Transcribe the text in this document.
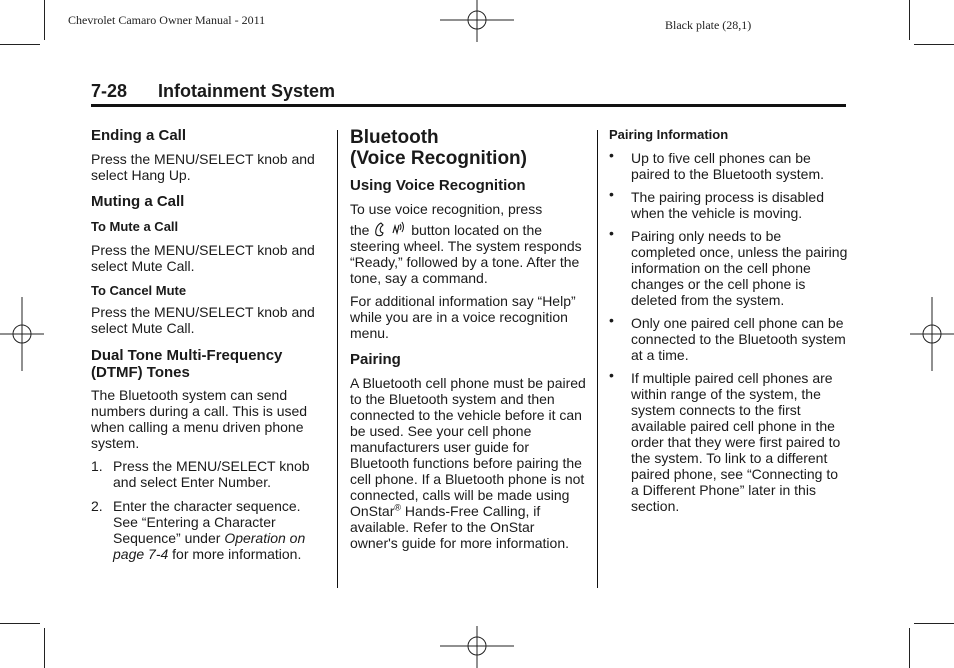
Chevrolet Camaro Owner Manual - 2011	Black plate (28,1)
7-28 Infotainment System

Ending a Call

Press the MENU/SELECT knob and select Hang Up.

Muting a Call

To Mute a Call

Press the MENU/SELECT knob and select Mute Call.

To Cancel Mute

Press the MENU/SELECT knob and select Mute Call.

Dual Tone Multi-Frequency (DTMF) Tones

The Bluetooth system can send numbers during a call. This is used when calling a menu driven phone system.

1. Press the MENU/SELECT knob and select Enter Number.
2. Enter the character sequence. See “Entering a Character Sequence” under Operation on page 7-4 for more information.

Bluetooth
(Voice Recognition)

Using Voice Recognition

To use voice recognition, press

the	button located on the steering wheel. The system responds “Ready,” followed by a tone. After the tone, say a command.

For additional information say “Help” while you are in a voice recognition menu.

Pairing

A Bluetooth cell phone must be paired to the Bluetooth system and then connected to the vehicle before it can be used. See your cell phone manufacturers user guide for Bluetooth functions before pairing the cell phone. If a Bluetooth phone is not connected, calls will be made using OnStar® Hands-Free Calling, if available. Refer to the OnStar owner's guide for more information.

Pairing Information

• Up to five cell phones can be paired to the Bluetooth system.
• The pairing process is disabled when the vehicle is moving.
• Pairing only needs to be completed once, unless the pairing information on the cell phone changes or the cell phone is deleted from the system.
• Only one paired cell phone can be connected to the Bluetooth system at a time.
• If multiple paired cell phones are within range of the system, the system connects to the first available paired cell phone in the order that they were first paired to the system. To link to a different paired phone, see “Connecting to a Different Phone” later in this section.
